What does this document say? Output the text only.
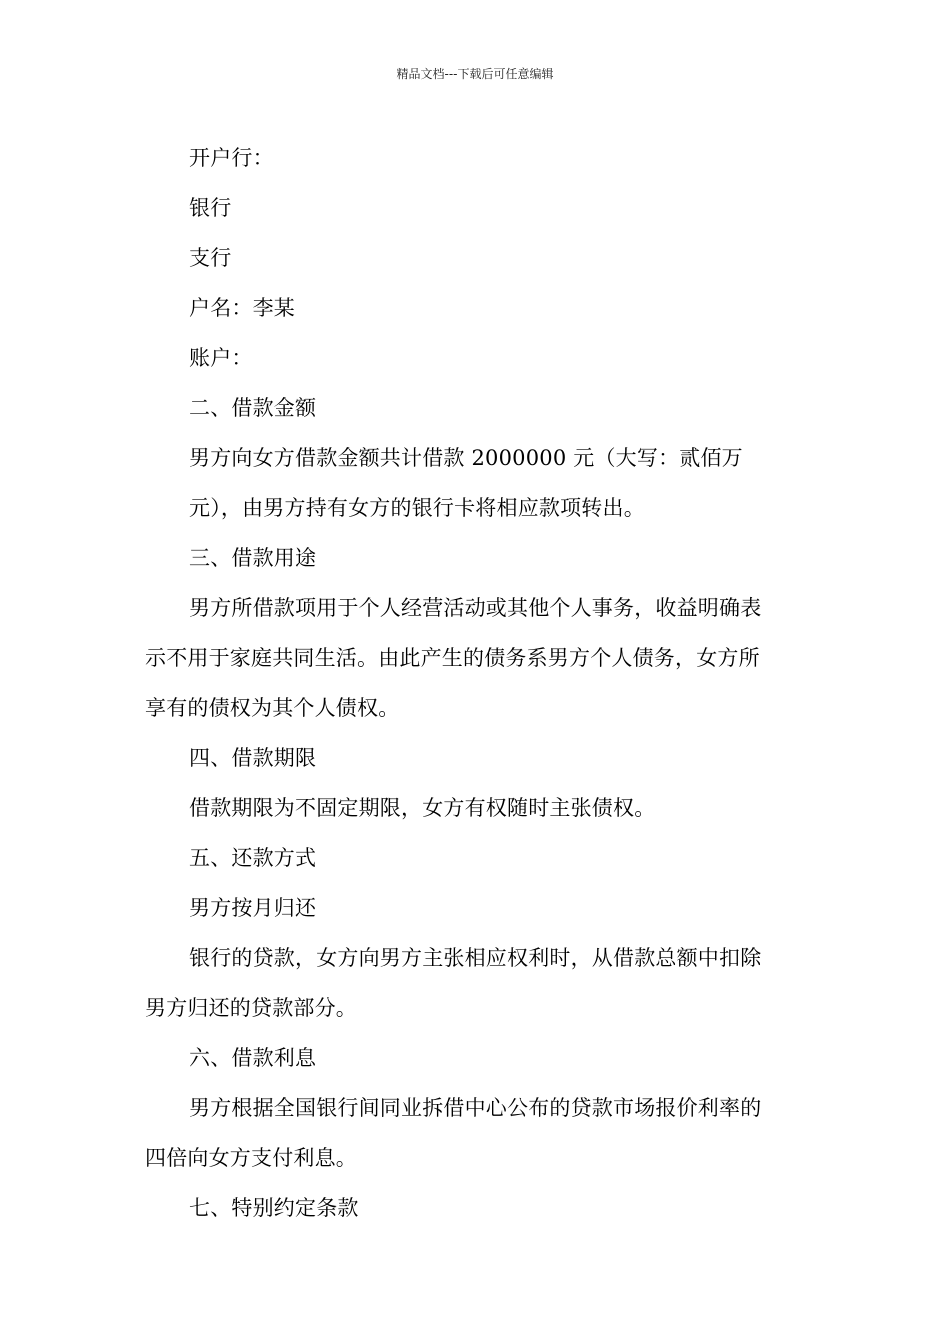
精品文档---下载后可任意编辑
开户行：
银行
支行
户名：李某
账户：
二、借款金额
男方向女方借款金额共计借款 2000000 元（大写：贰佰万
元），由男方持有女方的银行卡将相应款项转出。
三、借款用途
男方所借款项用于个人经营活动或其他个人事务，收益明确表
示不用于家庭共同生活。由此产生的债务系男方个人债务，女方所
享有的债权为其个人债权。
四、借款期限
借款期限为不固定期限，女方有权随时主张债权。
五、还款方式
男方按月归还
银行的贷款，女方向男方主张相应权利时，从借款总额中扣除
男方归还的贷款部分。
六、借款利息
男方根据全国银行间同业拆借中心公布的贷款市场报价利率的
四倍向女方支付利息。
七、特别约定条款
